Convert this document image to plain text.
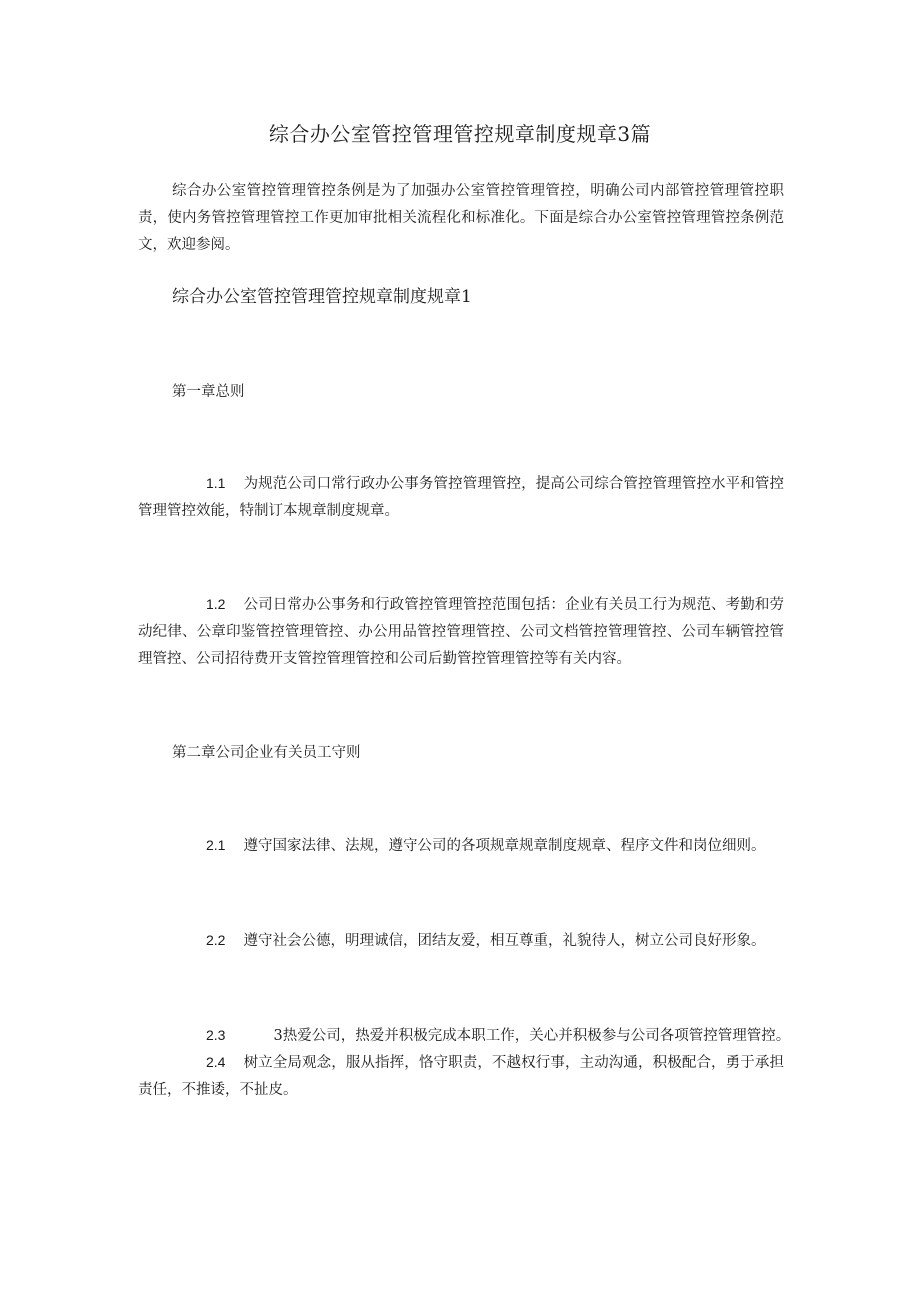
综合办公室管控管理管控规章制度规章3篇
综合办公室管控管理管控条例是为了加强办公室管控管理管控，明确公司内部管控管理管控职责，使内务管控管理管控工作更加审批相关流程化和标准化。下面是综合办公室管控管理管控条例范文，欢迎参阅。
综合办公室管控管理管控规章制度规章1
第一章总则
1.1 为规范公司口常行政办公事务管控管理管控，提高公司综合管控管理管控水平和管控管理管控效能，特制订本规章制度规章。
1.2 公司日常办公事务和行政管控管理管控范围包括：企业有关员工行为规范、考勤和劳动纪律、公章印鉴管控管理管控、办公用品管控管理管控、公司文档管控管理管控、公司车辆管控管理管控、公司招待费开支管控管理管控和公司后勤管控管理管控等有关内容。
第二章公司企业有关员工守则
2.1 遵守国家法律、法规，遵守公司的各项规章规章制度规章、程序文件和岗位细则。
2.2 遵守社会公德，明理诚信，团结友爱，相互尊重，礼貌待人，树立公司良好形象。
2.3	3热爱公司，热爱并积极完成本职工作，关心并积极参与公司各项管控管理管控。
2.4 树立全局观念，服从指挥，恪守职责，不越权行事，主动沟通，积极配合，勇于承担责任，不推诿，不扯皮。
